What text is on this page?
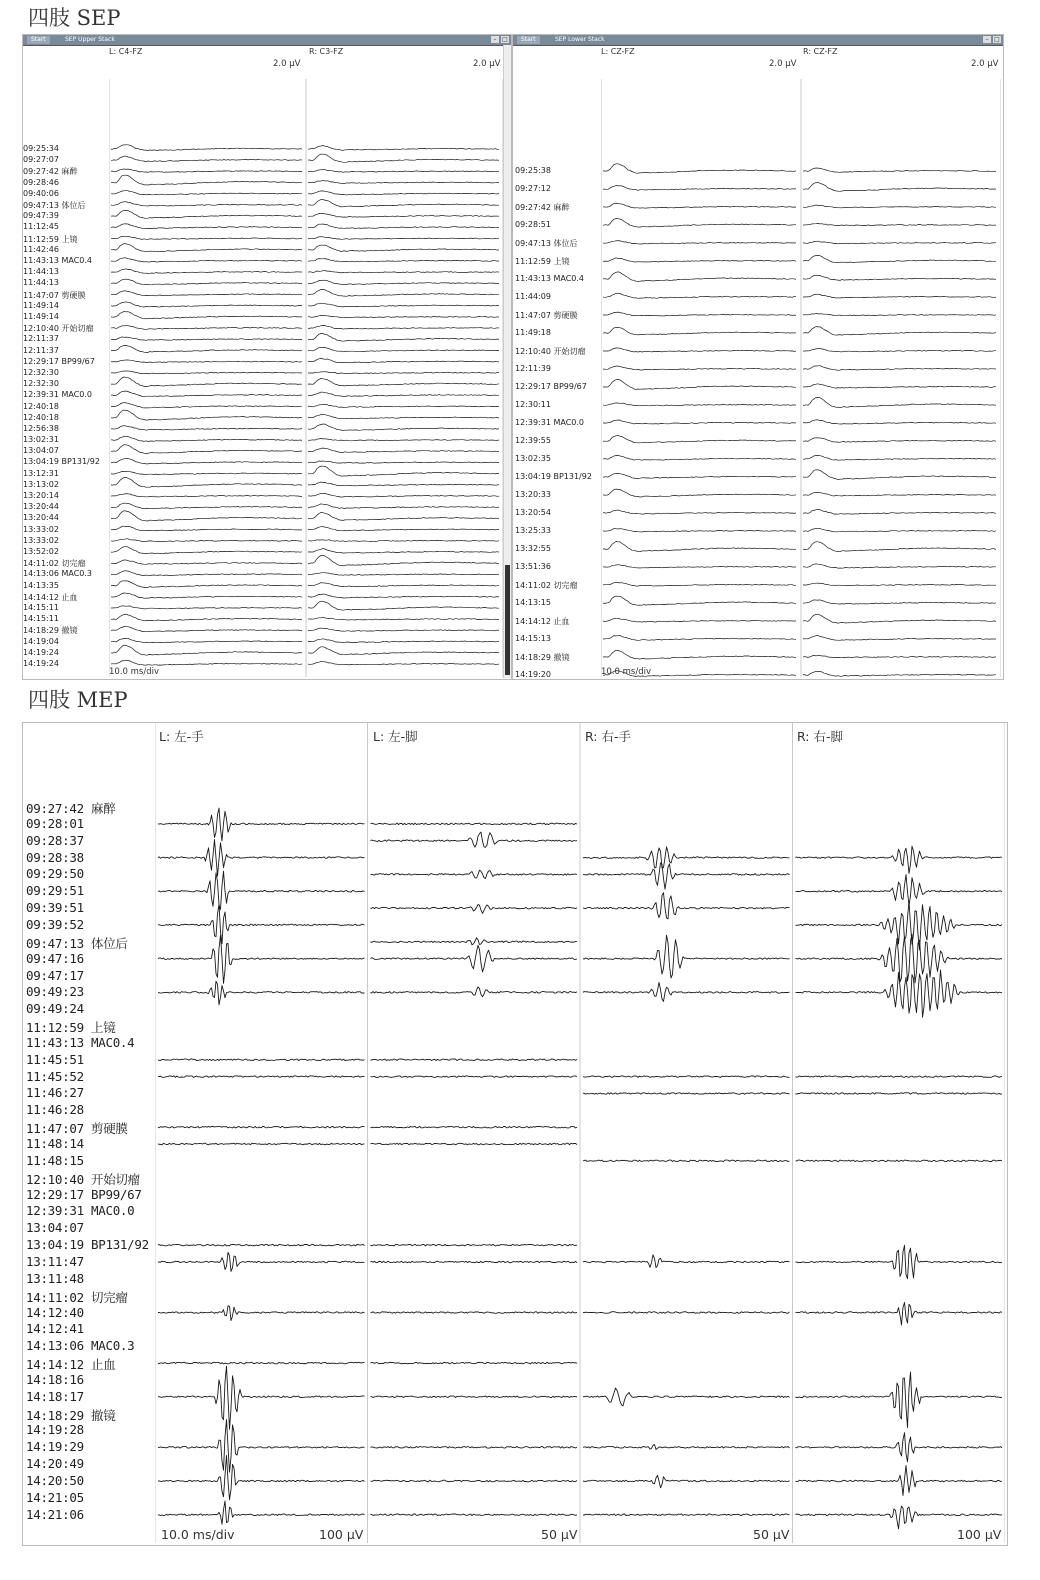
四肢 SEP
Start	SEP Upper Stack	– □
L: C4-FZ	R: C3-FZ
2.0 μV	2.0 μV
10.0 ms/div
09:25:34
09:27:07
09:27:42 麻醉
09:28:46
09:40:06
09:47:13 体位后
09:47:39
11:12:45
11:12:59 上镜
11:42:46
11:43:13 MAC0.4
11:44:13
11:44:13
11:47:07 剪硬膜
11:49:14
11:49:14
12:10:40 开始切瘤
12:11:37
12:11:37
12:29:17 BP99/67
12:32:30
12:32:30
12:39:31 MAC0.0
12:40:18
12:40:18
12:56:38
13:02:31
13:04:07
13:04:19 BP131/92
13:12:31
13:13:02
13:20:14
13:20:44
13:20:44
13:33:02
13:33:02
13:52:02
14:11:02 切完瘤
14:13:06 MAC0.3
14:13:35
14:14:12 止血
14:15:11
14:15:11
14:18:29 撤镜
14:19:04
14:19:24
14:19:24
Start	SEP Lower Stack	– □
L: CZ-FZ	R: CZ-FZ
2.0 μV	2.0 μV
10.0 ms/div
09:25:38
09:27:12
09:27:42 麻醉
09:28:51
09:47:13 体位后
11:12:59 上镜
11:43:13 MAC0.4
11:44:09
11:47:07 剪硬膜
11:49:18
12:10:40 开始切瘤
12:11:39
12:29:17 BP99/67
12:30:11
12:39:31 MAC0.0
12:39:55
13:02:35
13:04:19 BP131/92
13:20:33
13:20:54
13:25:33
13:32:55
13:51:36
14:11:02 切完瘤
14:13:15
14:14:12 止血
14:15:13
14:18:29 撤镜
14:19:20
四肢 MEP
L: 左-手	L: 左-脚	R: 右-手	R: 右-脚
10.0 ms/div	100 μV	50 μV	50 μV	100 μV
09:27:42 麻醉
09:28:01
09:28:37
09:28:38
09:29:50
09:29:51
09:39:51
09:39:52
09:47:13 体位后
09:47:16
09:47:17
09:49:23
09:49:24
11:12:59 上镜
11:43:13 MAC0.4
11:45:51
11:45:52
11:46:27
11:46:28
11:47:07 剪硬膜
11:48:14
11:48:15
12:10:40 开始切瘤
12:29:17 BP99/67
12:39:31 MAC0.0
13:04:07
13:04:19 BP131/92
13:11:47
13:11:48
14:11:02 切完瘤
14:12:40
14:12:41
14:13:06 MAC0.3
14:14:12 止血
14:18:16
14:18:17
14:18:29 撤镜
14:19:28
14:19:29
14:20:49
14:20:50
14:21:05
14:21:06
